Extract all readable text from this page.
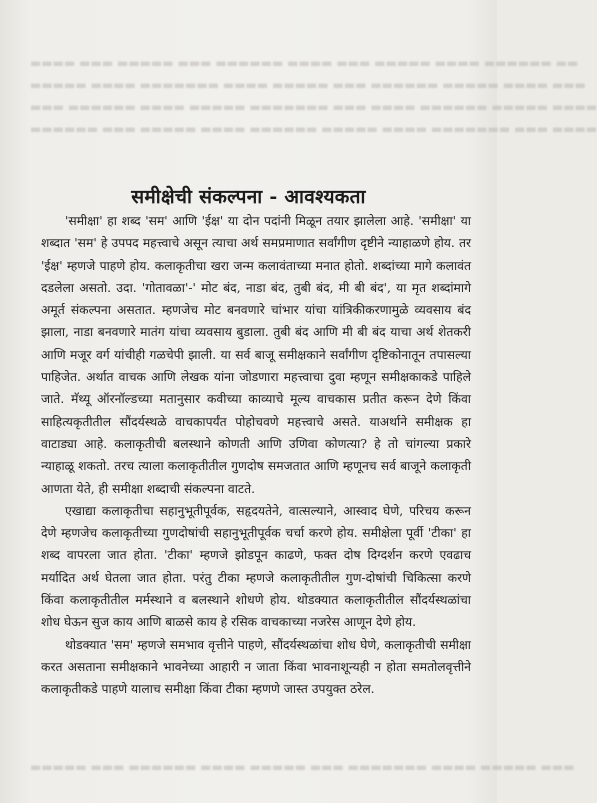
▬▬▬▬ ▬▬▬ ▬▬▬▬▬ ▬▬▬ ▬▬▬▬▬▬ ▬▬▬▬ ▬▬▬ ▬▬▬▬▬ ▬▬▬▬ ▬▬▬▬▬▬ ▬▬
▬▬▬▬▬ ▬▬▬▬ ▬▬▬▬▬▬▬ ▬▬▬▬ ▬▬▬▬▬ ▬▬▬ ▬▬▬▬▬▬ ▬▬▬▬▬ ▬▬▬▬ ▬▬▬
▬▬▬ ▬▬▬▬▬▬ ▬▬▬▬ ▬▬▬▬▬ ▬▬▬▬▬▬▬ ▬▬▬ ▬▬▬▬ ▬▬▬▬▬▬ ▬▬▬▬▬ ▬▬▬▬
▬▬▬▬▬▬ ▬▬▬ ▬▬▬▬▬ ▬▬▬▬ ▬▬▬▬▬▬ ▬▬▬▬▬ ▬▬▬▬ ▬▬▬▬▬▬▬ ▬▬▬ ▬▬▬▬
समीक्षेची संकल्पना - आवश्यकता

'समीक्षा' हा शब्द 'सम' आणि 'ईक्ष' या दोन पदांनी मिळून तयार झालेला आहे. 'समीक्षा' या शब्दात 'सम' हे उपपद महत्त्वाचे असून त्याचा अर्थ समप्रमाणात सर्वांगीण दृष्टीने न्याहाळणे होय. तर 'ईक्ष' म्हणजे पाहणे होय. कलाकृतीचा खरा जन्म कलावंताच्या मनात होतो. शब्दांच्या मागे कलावंत दडलेला असतो. उदा. 'गोतावळा'-' मोट बंद, नाडा बंद, तुबी बंद, मी बी बंद', या मृत शब्दांमागे अमूर्त संकल्पना असतात. म्हणजेच मोट बनवणारे चांभार यांचा यांत्रिकीकरणामुळे व्यवसाय बंद झाला, नाडा बनवणारे मातंग यांचा व्यवसाय बुडाला. तुबी बंद आणि मी बी बंद याचा अर्थ शेतकरी आणि मजूर वर्ग यांचीही गळचेपी झाली. या सर्व बाजू समीक्षकाने सर्वांगीण दृष्टिकोनातून तपासल्या पाहिजेत. अर्थात वाचक आणि लेखक यांना जोडणारा महत्त्वाचा दुवा म्हणून समीक्षकाकडे पाहिले जाते. मॅथ्यू ऑरनॉल्डच्या मतानुसार कवीच्या काव्याचे मूल्य वाचकास प्रतीत करून देणे किंवा साहित्यकृतीतील सौंदर्यस्थळे वाचकापर्यंत पोहोचवणे महत्त्वाचे असते. याअर्थाने समीक्षक हा वाटाड्या आहे. कलाकृतीची बलस्थाने कोणती आणि उणिवा कोणत्या? हे तो चांगल्या प्रकारे न्याहाळू शकतो. तरच त्याला कलाकृतीतील गुणदोष समजतात आणि म्हणूनच सर्व बाजूने कलाकृती आणता येते, ही समीक्षा शब्दाची संकल्पना वाटते.

एखाद्या कलाकृतीचा सहानुभूतीपूर्वक, सहृदयतेने, वात्सल्याने, आस्वाद घेणे, परिचय करून देणे म्हणजेच कलाकृतीच्या गुणदोषांची सहानुभूतीपूर्वक चर्चा करणे होय. समीक्षेला पूर्वी 'टीका' हा शब्द वापरला जात होता. 'टीका' म्हणजे झोडपून काढणे, फक्त दोष दिग्दर्शन करणे एवढाच मर्यादित अर्थ घेतला जात होता. परंतु टीका म्हणजे कलाकृतीतील गुण-दोषांची चिकित्सा करणे किंवा कलाकृतीतील मर्मस्थाने व बलस्थाने शोधणे होय. थोडक्यात कलाकृतीतील सौंदर्यस्थळांचा शोध घेऊन सुज काय आणि बाळसे काय हे रसिक वाचकाच्या नजरेस आणून देणे होय.

थोडक्यात 'सम' म्हणजे समभाव वृत्तीने पाहणे, सौंदर्यस्थळांचा शोध घेणे, कलाकृतीची समीक्षा करत असताना समीक्षकाने भावनेच्या आहारी न जाता किंवा भावनाशून्यही न होता समतोलवृत्तीने कलाकृतीकडे पाहणे यालाच समीक्षा किंवा टीका म्हणणे जास्त उपयुक्त ठरेल.

▬▬▬▬▬ ▬▬▬ ▬▬▬▬▬▬ ▬▬▬▬ ▬▬▬▬▬ ▬▬▬ ▬▬▬▬▬▬▬ ▬▬▬▬ ▬▬▬▬▬ ▬▬▬
